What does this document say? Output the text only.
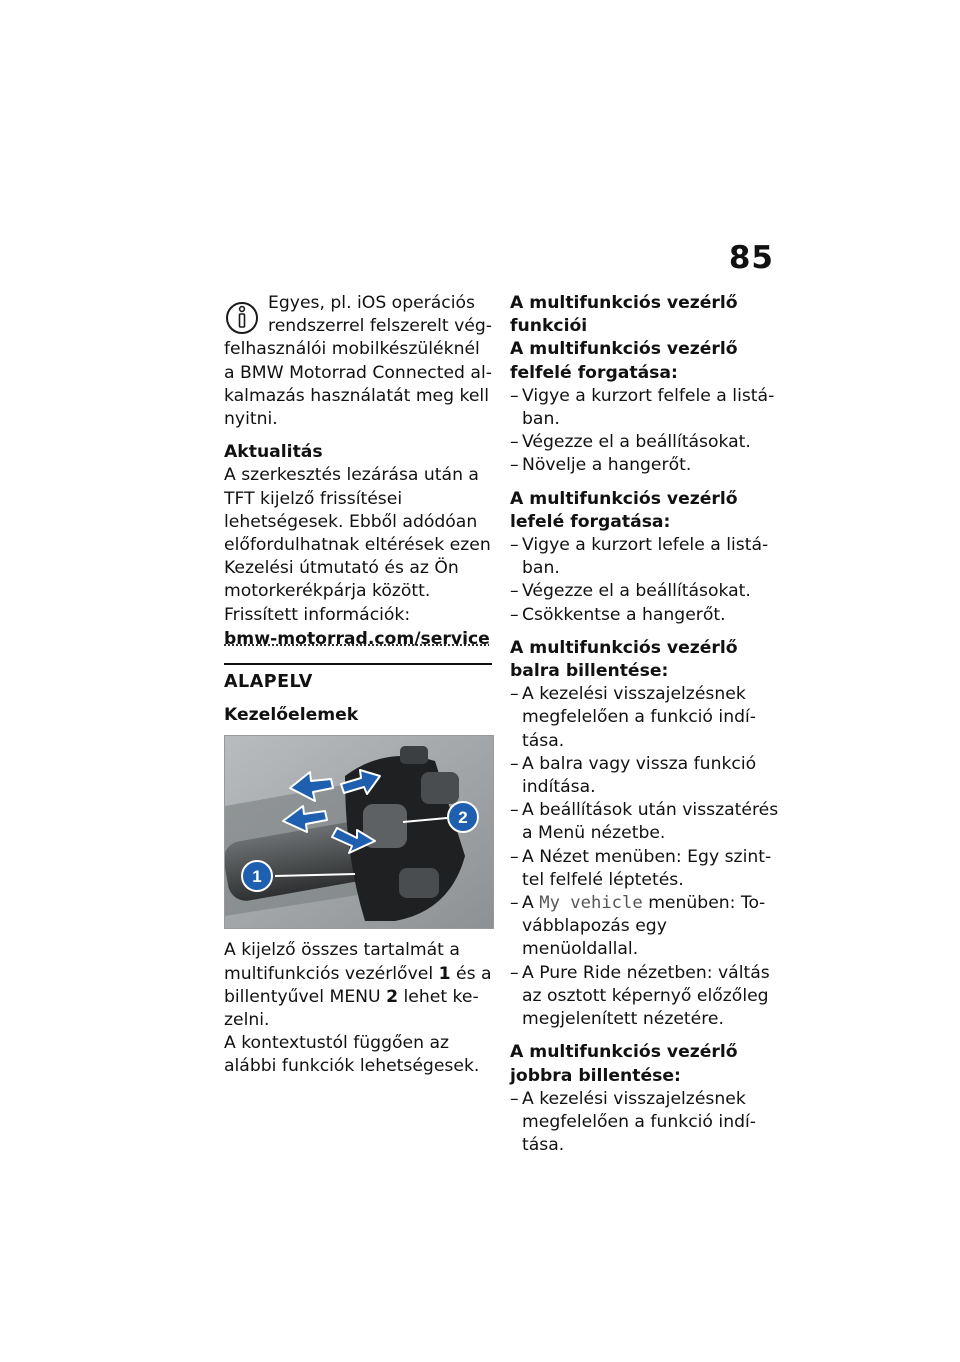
85

Egyes, pl. iOS operációs rendszerrel felszerelt végfelhasználói mobilkészüléknél a BMW Motorrad Connected alkalmazás használatát meg kell nyitni.

Aktualitás

A szerkesztés lezárása után a TFT kijelző frissítései lehetségesek. Ebből adódóan előfordulhatnak eltérések ezen Kezelési útmutató és az Ön motorkerékpárja között. Frissített információk:

bmw-motorrad.com/service

ALAPELV

Kezelőelemek

1
2

A kijelző összes tartalmát a multifunkciós vezérlővel 1 és a billentyűvel MENU 2 lehet kezelni.

A kontextustól függően az alábbi funkciók lehetségesek.

A multifunkciós vezérlő funkciói

A multifunkciós vezérlő felfelé forgatása:

– Vigye a kurzort felfele a listában.
– Végezze el a beállításokat.
– Növelje a hangerőt.

A multifunkciós vezérlő lefelé forgatása:

– Vigye a kurzort lefele a listában.
– Végezze el a beállításokat.
– Csökkentse a hangerőt.

A multifunkciós vezérlő balra billentése:

– A kezelési visszajelzésnek megfelelően a funkció indítása.
– A balra vagy vissza funkció indítása.
– A beállítások után visszatérés a Menü nézetbe.
– A Nézet menüben: Egy szinttel felfelé léptetés.
– A My vehicle menüben: Továbblapozás egy menüoldallal.
– A Pure Ride nézetben: váltás az osztott képernyő előzőleg megjelenített nézetére.

A multifunkciós vezérlő jobbra billentése:

– A kezelési visszajelzésnek megfelelően a funkció indítása.
